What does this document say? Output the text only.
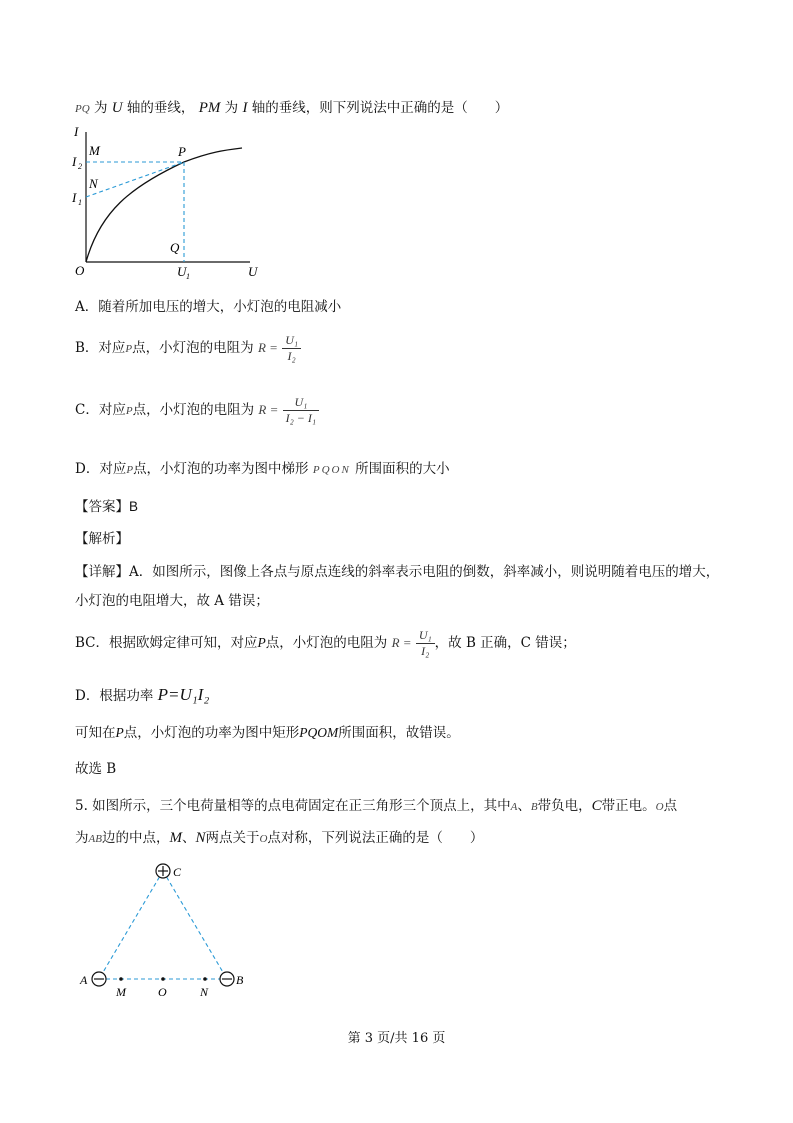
PQ 为 U 轴的垂线， PM 为 I 轴的垂线，则下列说法中正确的是（　　）
I
M	P
I 2
N
I 1
Q
O	U 1	U
A．随着所加电压的增大，小灯泡的电阻减小
B．对应P点，小灯泡的电阻为 $R = \frac{\text{U₁}}{\text{I₂}}$
C．对应P点，小灯泡的电阻为 $R = \frac{\text{U₁}}{\text{I₂ − I₁}}$
D．对应P点，小灯泡的功率为图中梯形 PQON 所围面积的大小
【答案】B
【解析】
【详解】A．如图所示，图像上各点与原点连线的斜率表示电阻的倒数，斜率减小，则说明随着电压的增大，
小灯泡的电阻增大，故 A 错误；
BC．根据欧姆定律可知，对应P点，小灯泡的电阻为 $R = \frac{\text{U₁}}{\text{I₂}}$ ，故 B 正确，C 错误；
D．根据功率 P=U₁I₂
可知在P点，小灯泡的功率为图中矩形PQOM所围面积，故错误。
故选 B
5. 如图所示，三个电荷量相等的点电荷固定在正三角形三个顶点上，其中A、B带负电，C带正电。O点
为AB边的中点，M、N两点关于O点对称，下列说法正确的是（　　）
C
A	B
M	O	N
第 3 页/共 16 页
